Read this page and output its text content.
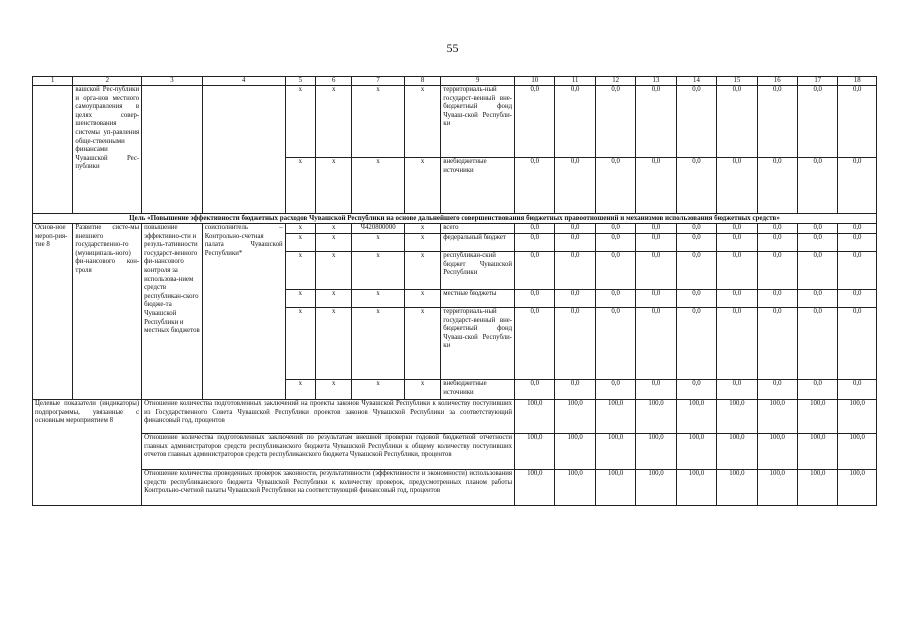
55
1	2	3	4	5	6	7	8	9	10	11	12	13	14	15	16	17	18
	вашской Рес-публики и орга-нов местного самоуправления в целях совер-шенствования системы уп-равления обще-ственными финансами Чувашской Рес-публики			x	x	x	x	территориаль-ный государст-венный вне-бюджетный фонд Чуваш-ской Республи-ки	0,0	0,0	0,0	0,0	0,0	0,0	0,0	0,0	0,0
				x	x	x	x	внебюджетные источники	0,0	0,0	0,0	0,0	0,0	0,0	0,0	0,0	0,0
Цель «Повышение эффективности бюджетных расходов Чувашской Республики на основе дальнейшего совершенствования бюджетных правоотношений и механизмов использования бюджетных средств»																	
Основ-ное мероп-рия-тие 8	Развитие систе-мы внешнего государственно-го (муниципаль-ного) фи-нансового кон-троля	повышение эффективно-сти и резуль-тативности государст-венного фи-нансового контроля за использова-нием средств республикан-ского бюдже-та Чувашской Республики и местных бюджетов	соисполнитель – Контрольно-счетная палата Чувашской Республики*	x	x	Ч420800000	x	всего	0,0	0,0	0,0	0,0	0,0	0,0	0,0	0,0	0,0
				x	x	x	x	федеральный бюджет	0,0	0,0	0,0	0,0	0,0	0,0	0,0	0,0	0,0
				x	x	x	x	республикан-ский бюджет Чувашской Республики	0,0	0,0	0,0	0,0	0,0	0,0	0,0	0,0	0,0
				x	x	x	x	местные бюджеты	0,0	0,0	0,0	0,0	0,0	0,0	0,0	0,0	0,0
				x	x	x	x	территориаль-ный государст-венный вне-бюджетный фонд Чуваш-ской Республи-ки	0,0	0,0	0,0	0,0	0,0	0,0	0,0	0,0	0,0
				x	x	x	x	внебюджетные источники	0,0	0,0	0,0	0,0	0,0	0,0	0,0	0,0	0,0
Целевые показатели (индикаторы) подпрограммы, увязанные с основным мероприятием 8		Отношение количества подготовленных заключений на проекты законов Чувашской Республики к количеству поступивших из Государственного Совета Чувашской Республики проектов законов Чувашской Республики за соответствующий финансовый год, процентов							100,0	100,0	100,0	100,0	100,0	100,0	100,0	100,0	100,0
		Отношение количества подготовленных заключений по результатам внешней проверки годовой бюджетной отчетности главных администраторов средств республиканского бюджета Чувашской Республики к общему количеству поступивших отчетов главных администраторов средств республиканского бюджета Чувашской Республики, процентов							100,0	100,0	100,0	100,0	100,0	100,0	100,0	100,0	100,0
		Отношение количества проведенных проверок законности, результативности (эффективности и экономности) использования средств республиканского бюджета Чувашской Республики к количеству проверок, предусмотренных планом работы Контрольно-счетной палаты Чувашской Республики на соответствующий финансовый год, процентов							100,0	100,0	100,0	100,0	100,0	100,0	100,0	100,0	100,0
